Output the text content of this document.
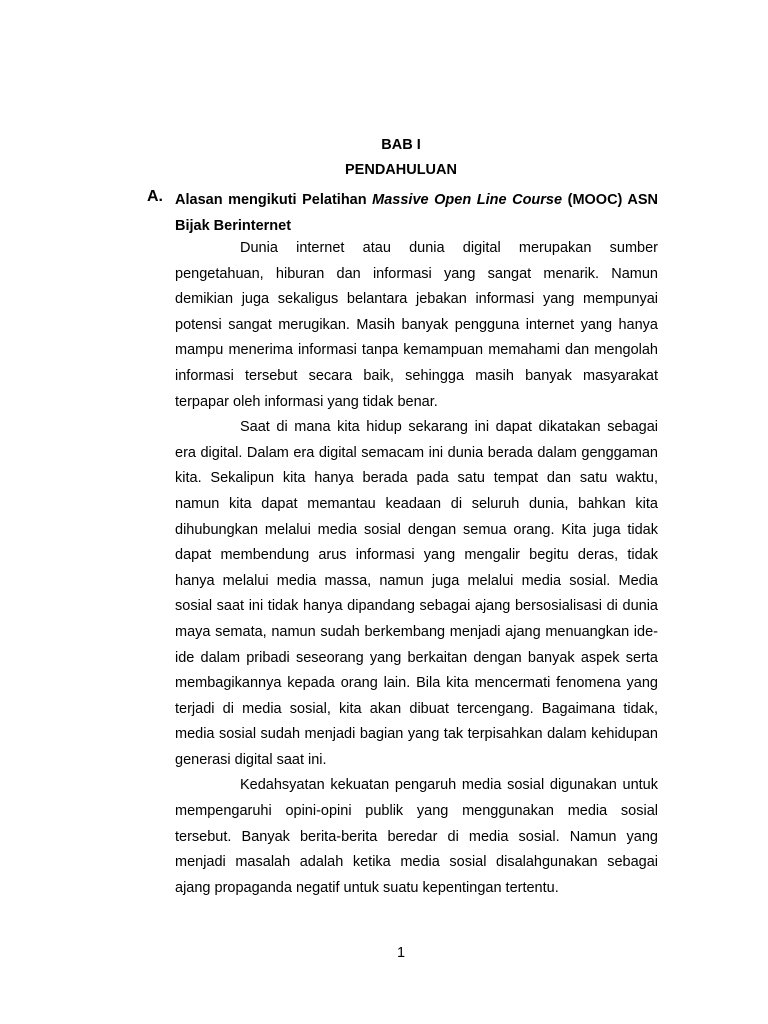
BAB I
PENDAHULUAN
A. Alasan mengikuti Pelatihan Massive Open Line Course (MOOC) ASN Bijak Berinternet

Dunia internet atau dunia digital merupakan sumber pengetahuan, hiburan dan informasi yang sangat menarik. Namun demikian juga sekaligus belantara jebakan informasi yang mempunyai potensi sangat merugikan. Masih banyak pengguna internet yang hanya mampu menerima informasi tanpa kemampuan memahami dan mengolah informasi tersebut secara baik, sehingga masih banyak masyarakat terpapar oleh informasi yang tidak benar.

Saat di mana kita hidup sekarang ini dapat dikatakan sebagai era digital. Dalam era digital semacam ini dunia berada dalam genggaman kita. Sekalipun kita hanya berada pada satu tempat dan satu waktu, namun kita dapat memantau keadaan di seluruh dunia, bahkan kita dihubungkan melalui media sosial dengan semua orang. Kita juga tidak dapat membendung arus informasi yang mengalir begitu deras, tidak hanya melalui media massa, namun juga melalui media sosial. Media sosial saat ini tidak hanya dipandang sebagai ajang bersosialisasi di dunia maya semata, namun sudah berkembang menjadi ajang menuangkan ide-ide dalam pribadi seseorang yang berkaitan dengan banyak aspek serta membagikannya kepada orang lain. Bila kita mencermati fenomena yang terjadi di media sosial, kita akan dibuat tercengang. Bagaimana tidak, media sosial sudah menjadi bagian yang tak terpisahkan dalam kehidupan generasi digital saat ini.

Kedahsyatan kekuatan pengaruh media sosial digunakan untuk mempengaruhi opini-opini publik yang menggunakan media sosial tersebut. Banyak berita-berita beredar di media sosial. Namun yang menjadi masalah adalah ketika media sosial disalahgunakan sebagai ajang propaganda negatif untuk suatu kepentingan tertentu.

1
